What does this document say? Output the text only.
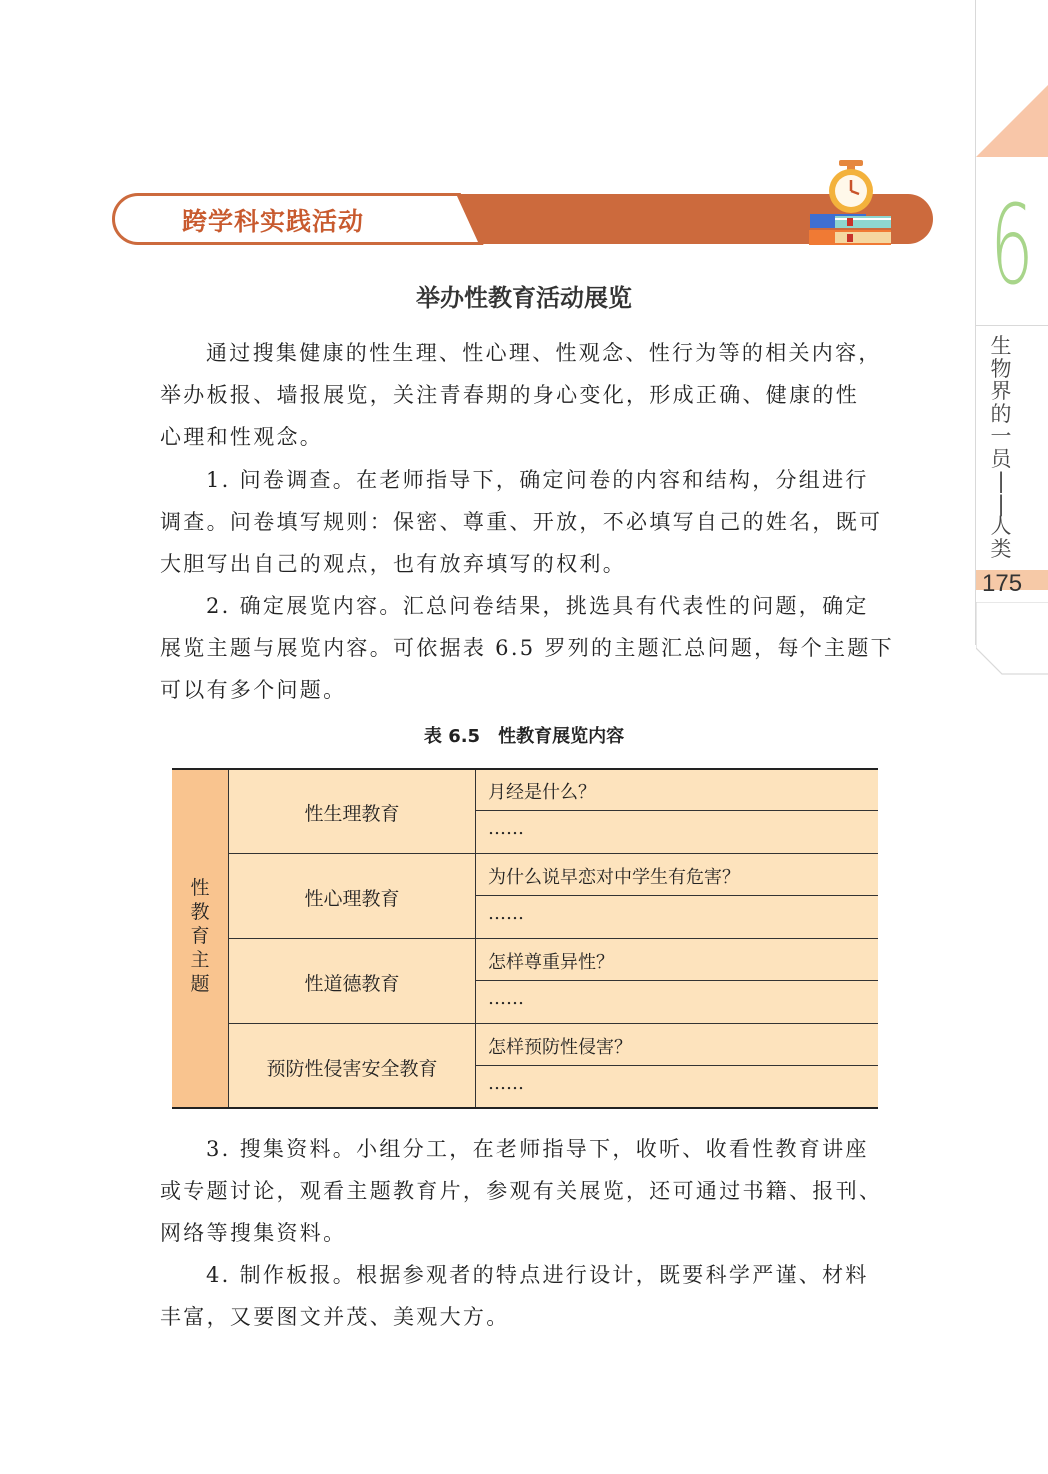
6
生
物
界
的
一
员
|
|
人
类
175
跨学科实践活动
举办性教育活动展览
通过搜集健康的性生理、性心理、性观念、性行为等的相关内容，
举办板报、墙报展览，关注青春期的身心变化，形成正确、健康的性
心理和性观念。
1. 问卷调查。在老师指导下，确定问卷的内容和结构，分组进行
调查。问卷填写规则：保密、尊重、开放，不必填写自己的姓名，既可
大胆写出自己的观点，也有放弃填写的权利。
2. 确定展览内容。汇总问卷结果，挑选具有代表性的问题，确定
展览主题与展览内容。可依据表 6.5 罗列的主题汇总问题，每个主题下
可以有多个问题。
表 6.5　性教育展览内容
性
教
育
主
题
性生理教育
月经是什么？
……
性心理教育
为什么说早恋对中学生有危害？
……
性道德教育
怎样尊重异性？
……
预防性侵害安全教育
怎样预防性侵害？
……
3. 搜集资料。小组分工，在老师指导下，收听、收看性教育讲座
或专题讨论，观看主题教育片，参观有关展览，还可通过书籍、报刊、
网络等搜集资料。
4. 制作板报。根据参观者的特点进行设计，既要科学严谨、材料
丰富，又要图文并茂、美观大方。
